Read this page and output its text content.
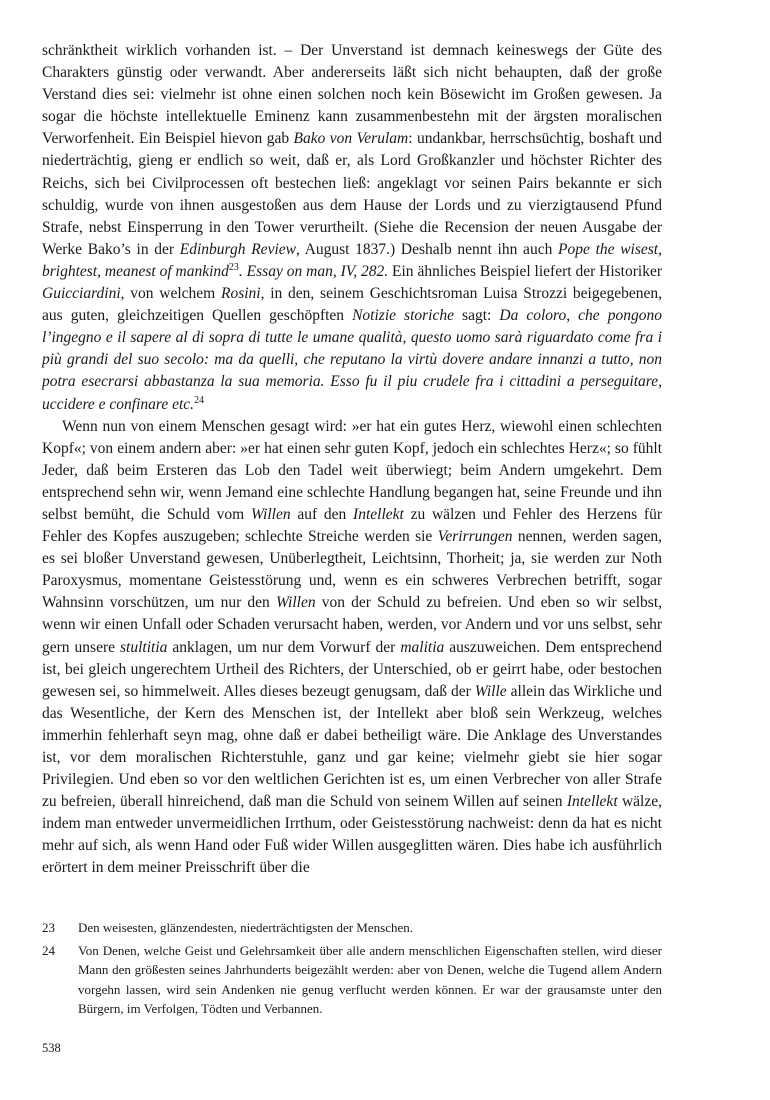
schränktheit wirklich vorhanden ist. – Der Unverstand ist demnach keineswegs der Güte des Charakters günstig oder verwandt. Aber andererseits läßt sich nicht behaupten, daß der große Verstand dies sei: vielmehr ist ohne einen solchen noch kein Bösewicht im Großen gewesen. Ja sogar die höchste intellektuelle Eminenz kann zusammenbestehn mit der ärgsten moralischen Verworfenheit. Ein Beispiel hievon gab Bako von Verulam: undankbar, herrschsüchtig, boshaft und niederträchtig, gieng er endlich so weit, daß er, als Lord Großkanzler und höchster Richter des Reichs, sich bei Civilprocessen oft bestechen ließ: angeklagt vor seinen Pairs bekannte er sich schuldig, wurde von ihnen ausgestoßen aus dem Hause der Lords und zu vierzigtausend Pfund Strafe, nebst Einsperrung in den Tower verurtheilt. (Siehe die Recension der neuen Ausgabe der Werke Bako’s in der Edinburgh Review, August 1837.) Deshalb nennt ihn auch Pope the wisest, brightest, meanest of mankind$^{23}$. Essay on man, IV, 282. Ein ähnliches Beispiel liefert der Historiker Guicciardini, von welchem Rosini, in den, seinem Geschichtsroman Luisa Strozzi beigegebenen, aus guten, gleichzeitigen Quellen geschöpften Notizie storiche sagt: Da coloro, che pongono l’ingegno e il sapere al di sopra di tutte le umane qualità, questo uomo sarà riguardato come fra i più grandi del suo secolo: ma da quelli, che reputano la virtù dovere andare innanzi a tutto, non potra esecrarsi abbastanza la sua memoria. Esso fu il piu crudele fra i cittadini a perseguitare, uccidere e confinare etc.$^{24}$

Wenn nun von einem Menschen gesagt wird: »er hat ein gutes Herz, wiewohl einen schlechten Kopf«; von einem andern aber: »er hat einen sehr guten Kopf, jedoch ein schlechtes Herz«; so fühlt Jeder, daß beim Ersteren das Lob den Tadel weit überwiegt; beim Andern umgekehrt. Dem entsprechend sehn wir, wenn Jemand eine schlechte Handlung begangen hat, seine Freunde und ihn selbst bemüht, die Schuld vom Willen auf den Intellekt zu wälzen und Fehler des Herzens für Fehler des Kopfes auszugeben; schlechte Streiche werden sie Verirrungen nennen, werden sagen, es sei bloßer Unverstand gewesen, Unüberlegtheit, Leichtsinn, Thorheit; ja, sie werden zur Noth Paroxysmus, momentane Geistesstörung und, wenn es ein schweres Verbrechen betrifft, sogar Wahnsinn vorschützen, um nur den Willen von der Schuld zu befreien. Und eben so wir selbst, wenn wir einen Unfall oder Schaden verursacht haben, werden, vor Andern und vor uns selbst, sehr gern unsere stultitia anklagen, um nur dem Vorwurf der malitia auszuweichen. Dem entsprechend ist, bei gleich ungerechtem Urtheil des Richters, der Unterschied, ob er geirrt habe, oder bestochen gewesen sei, so himmelweit. Alles dieses bezeugt genugsam, daß der Wille allein das Wirkliche und das Wesentliche, der Kern des Menschen ist, der Intellekt aber bloß sein Werkzeug, welches immerhin fehlerhaft seyn mag, ohne daß er dabei betheiligt wäre. Die Anklage des Unverstandes ist, vor dem moralischen Richterstuhle, ganz und gar keine; vielmehr giebt sie hier sogar Privilegien. Und eben so vor den weltlichen Gerichten ist es, um einen Verbrecher von aller Strafe zu befreien, überall hinreichend, daß man die Schuld von seinem Willen auf seinen Intellekt wälze, indem man entweder unvermeidlichen Irrthum, oder Geistesstörung nachweist: denn da hat es nicht mehr auf sich, als wenn Hand oder Fuß wider Willen ausgeglitten wären. Dies habe ich ausführlich erörtert in dem meiner Preisschrift über die

23	Den weisesten, glänzendesten, niederträchtigsten der Menschen.
24	Von Denen, welche Geist und Gelehrsamkeit über alle andern menschlichen Eigenschaften stellen, wird dieser Mann den größesten seines Jahrhunderts beigezählt werden: aber von Denen, welche die Tugend allem Andern vorgehn lassen, wird sein Andenken nie genug verflucht werden können. Er war der grausamste unter den Bürgern, im Verfolgen, Tödten und Verbannen.
538
